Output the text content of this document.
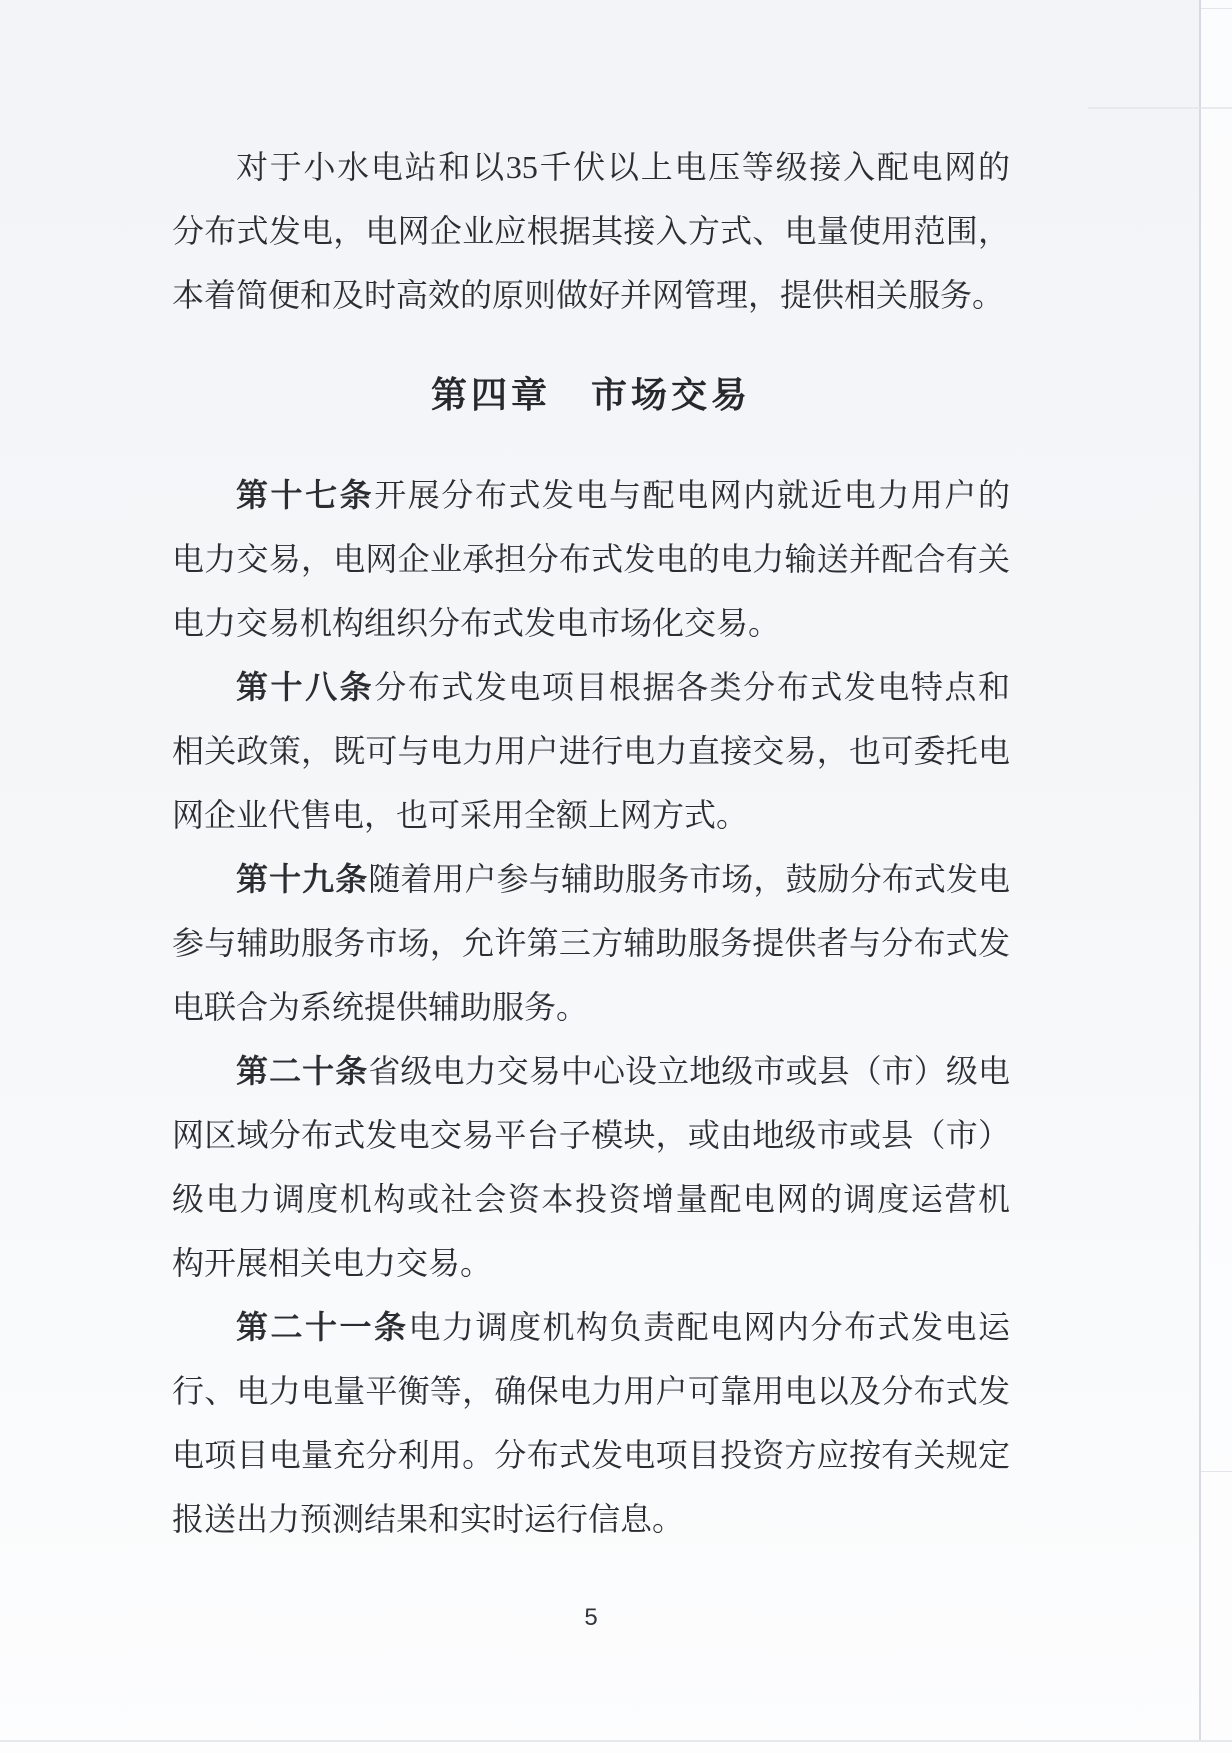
对于小水电站和以35千伏以上电压等级接入配电网的
分布式发电，电网企业应根据其接入方式、电量使用范围，
本着简便和及时高效的原则做好并网管理，提供相关服务。
第四章　市场交易
第十七条开展分布式发电与配电网内就近电力用户的
电力交易，电网企业承担分布式发电的电力输送并配合有关
电力交易机构组织分布式发电市场化交易。
第十八条分布式发电项目根据各类分布式发电特点和
相关政策，既可与电力用户进行电力直接交易，也可委托电
网企业代售电，也可采用全额上网方式。
第十九条随着用户参与辅助服务市场，鼓励分布式发电
参与辅助服务市场，允许第三方辅助服务提供者与分布式发
电联合为系统提供辅助服务。
第二十条省级电力交易中心设立地级市或县（市）级电
网区域分布式发电交易平台子模块，或由地级市或县（市）
级电力调度机构或社会资本投资增量配电网的调度运营机
构开展相关电力交易。
第二十一条电力调度机构负责配电网内分布式发电运
行、电力电量平衡等，确保电力用户可靠用电以及分布式发
电项目电量充分利用。分布式发电项目投资方应按有关规定
报送出力预测结果和实时运行信息。
5
